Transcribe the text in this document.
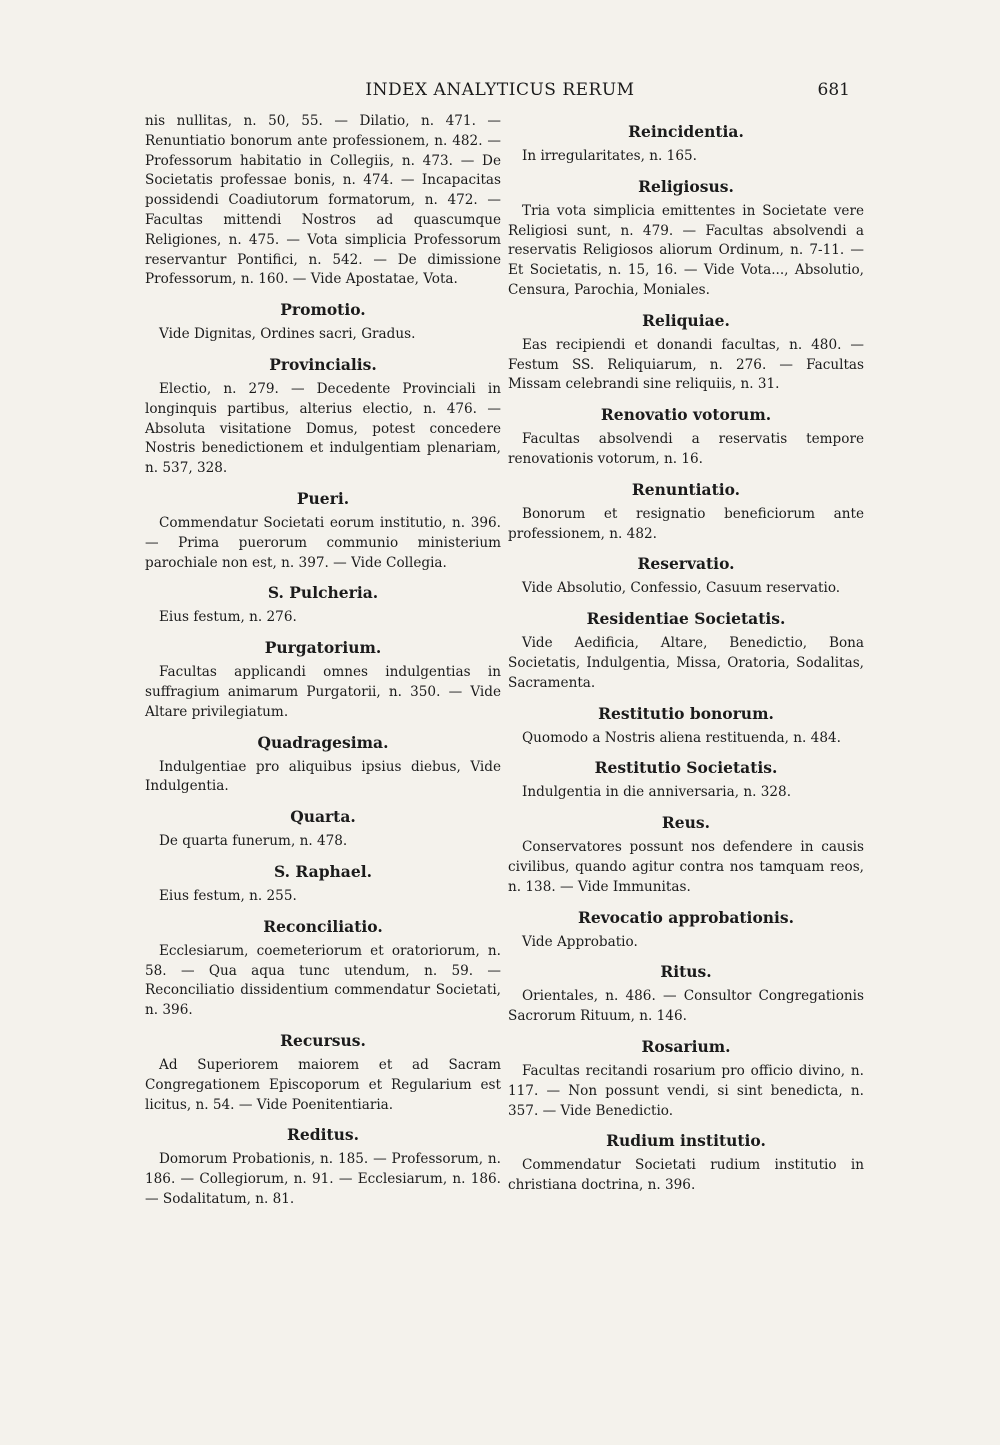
INDEX ANALYTICUS RERUM	681

nis nullitas, n. 50, 55. — Dilatio, n. 471. — Renuntiatio bonorum ante professionem, n. 482. — Professorum habitatio in Collegiis, n. 473. — De Societatis professae bonis, n. 474. — Incapacitas possidendi Coadiutorum formatorum, n. 472. — Facultas mittendi Nostros ad quascumque Religiones, n. 475. — Vota simplicia Professorum reservantur Pontifici, n. 542. — De dimissione Professorum, n. 160. — Vide Apostatae, Vota.

Promotio.
Vide Dignitas, Ordines sacri, Gradus.
Provincialis.
Electio, n. 279. — Decedente Provinciali in longinquis partibus, alterius electio, n. 476. — Absoluta visitatione Domus, potest concedere Nostris benedictionem et indulgentiam plenariam, n. 537, 328.
Pueri.
Commendatur Societati eorum institutio, n. 396. — Prima puerorum communio ministerium parochiale non est, n. 397. — Vide Collegia.
S. Pulcheria.
Eius festum, n. 276.
Purgatorium.
Facultas applicandi omnes indulgentias in suffragium animarum Purgatorii, n. 350. — Vide Altare privilegiatum.
Quadragesima.
Indulgentiae pro aliquibus ipsius diebus, Vide Indulgentia.
Quarta.
De quarta funerum, n. 478.
S. Raphael.
Eius festum, n. 255.
Reconciliatio.
Ecclesiarum, coemeteriorum et oratoriorum, n. 58. — Qua aqua tunc utendum, n. 59. — Reconciliatio dissidentium commendatur Societati, n. 396.
Recursus.
Ad Superiorem maiorem et ad Sacram Congregationem Episcoporum et Regularium est licitus, n. 54. — Vide Poenitentiaria.
Reditus.
Domorum Probationis, n. 185. — Professorum, n. 186. — Collegiorum, n. 91. — Ecclesiarum, n. 186. — Sodalitatum, n. 81.
Reincidentia.
In irregularitates, n. 165.
Religiosus.
Tria vota simplicia emittentes in Societate vere Religiosi sunt, n. 479. — Facultas absolvendi a reservatis Religiosos aliorum Ordinum, n. 7-11. — Et Societatis, n. 15, 16. — Vide Vota..., Absolutio, Censura, Parochia, Moniales.
Reliquiae.
Eas recipiendi et donandi facultas, n. 480. — Festum SS. Reliquiarum, n. 276. — Facultas Missam celebrandi sine reliquiis, n. 31.
Renovatio votorum.
Facultas absolvendi a reservatis tempore renovationis votorum, n. 16.
Renuntiatio.
Bonorum et resignatio beneficiorum ante professionem, n. 482.
Reservatio.
Vide Absolutio, Confessio, Casuum reservatio.
Residentiae Societatis.
Vide Aedificia, Altare, Benedictio, Bona Societatis, Indulgentia, Missa, Oratoria, Sodalitas, Sacramenta.
Restitutio bonorum.
Quomodo a Nostris aliena restituenda, n. 484.
Restitutio Societatis.
Indulgentia in die anniversaria, n. 328.
Reus.
Conservatores possunt nos defendere in causis civilibus, quando agitur contra nos tamquam reos, n. 138. — Vide Immunitas.
Revocatio approbationis.
Vide Approbatio.
Ritus.
Orientales, n. 486. — Consultor Congregationis Sacrorum Rituum, n. 146.
Rosarium.
Facultas recitandi rosarium pro officio divino, n. 117. — Non possunt vendi, si sint benedicta, n. 357. — Vide Benedictio.
Rudium institutio.
Commendatur Societati rudium institutio in christiana doctrina, n. 396.
